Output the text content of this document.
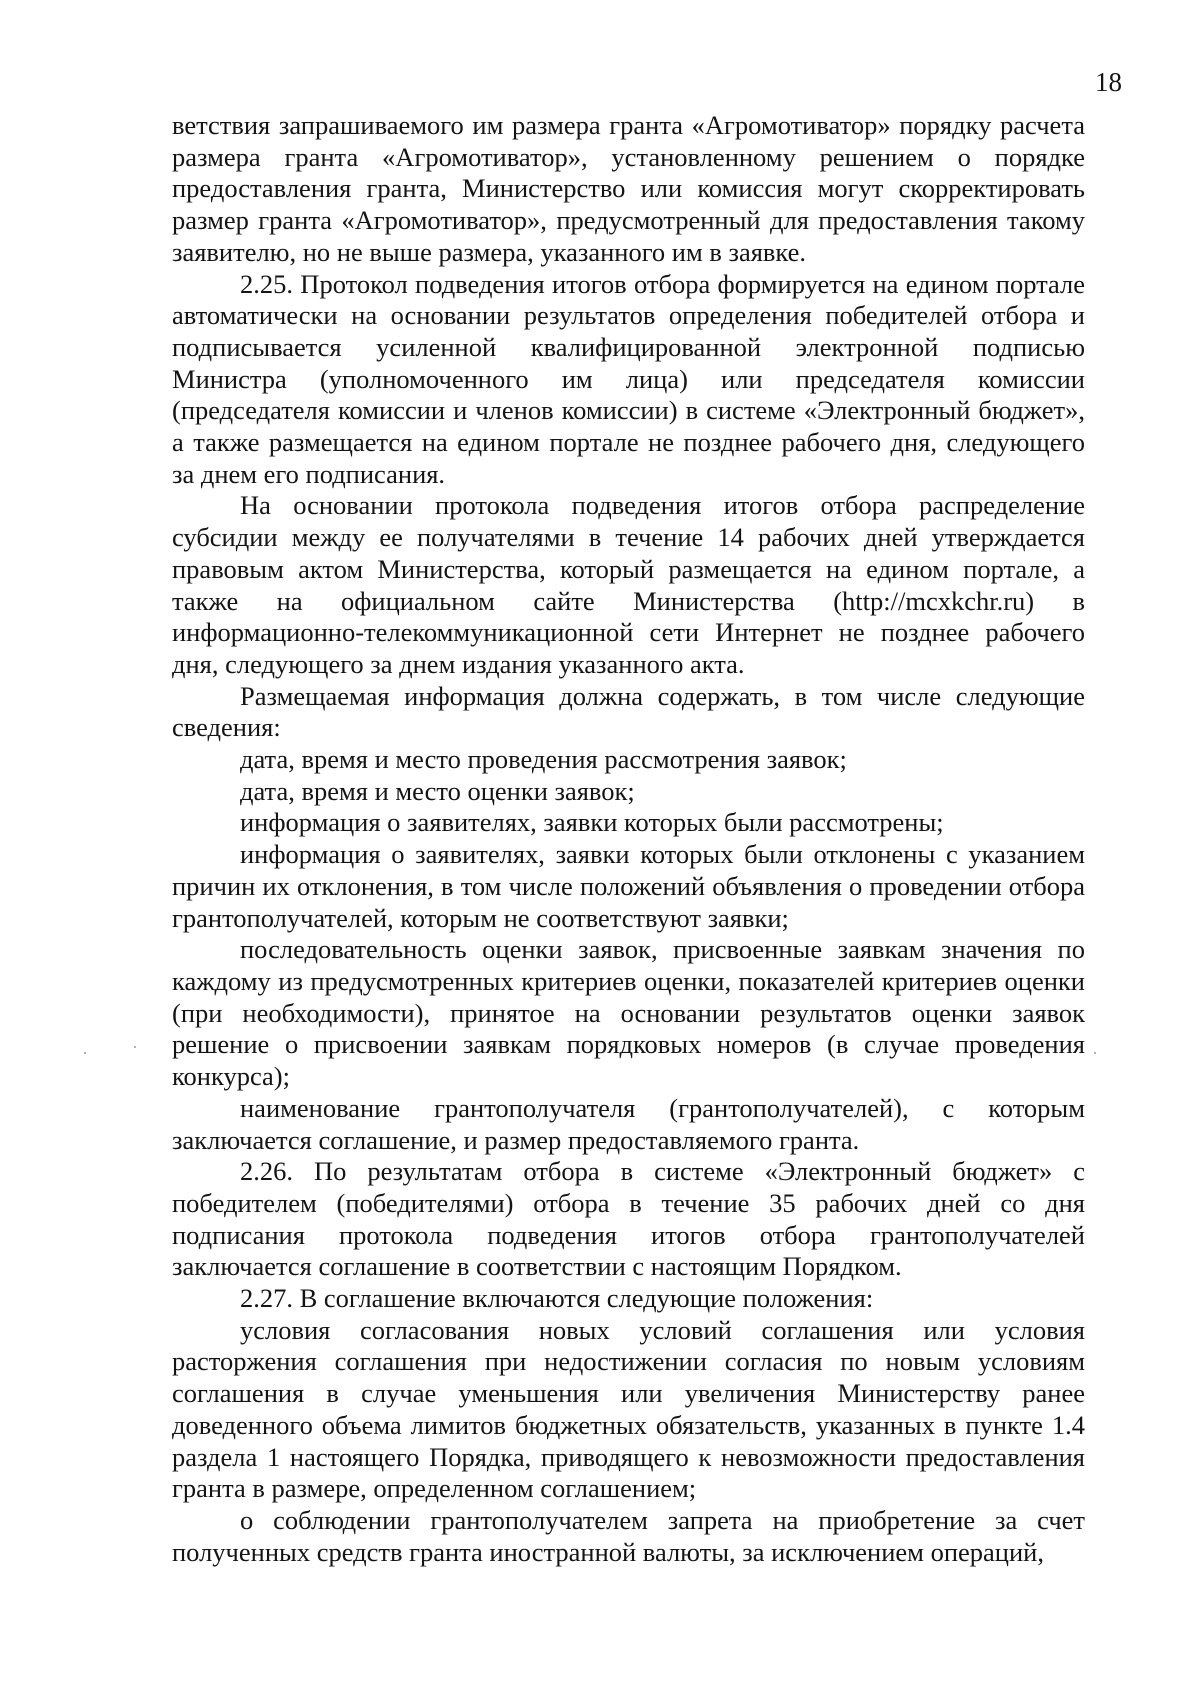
18

ветствия запрашиваемого им размера гранта «Агромотиватор» порядку расчета размера гранта «Агромотиватор», установленному решением о порядке предоставления гранта, Министерство или комиссия могут скорректировать размер гранта «Агромотиватор», предусмотренный для предоставления такому заявителю, но не выше размера, указанного им в заявке.

2.25. Протокол подведения итогов отбора формируется на едином портале автоматически на основании результатов определения победителей отбора и подписывается усиленной квалифицированной электронной подписью Министра (уполномоченного им лица) или председателя комиссии (председателя комиссии и членов комиссии) в системе «Электронный бюджет», а также размещается на едином портале не позднее рабочего дня, следующего за днем его подписания.

На основании протокола подведения итогов отбора распределение субсидии между ее получателями в течение 14 рабочих дней утверждается правовым актом Министерства, который размещается на едином портале, а также на официальном сайте Министерства (http://mcxkchr.ru) в информационно-телекоммуникационной сети Интернет не позднее рабочего дня, следующего за днем издания указанного акта.

Размещаемая информация должна содержать, в том числе следующие сведения:

дата, время и место проведения рассмотрения заявок;

дата, время и место оценки заявок;

информация о заявителях, заявки которых были рассмотрены;

информация о заявителях, заявки которых были отклонены с указанием причин их отклонения, в том числе положений объявления о проведении отбора грантополучателей, которым не соответствуют заявки;

последовательность оценки заявок, присвоенные заявкам значения по каждому из предусмотренных критериев оценки, показателей критериев оценки (при необходимости), принятое на основании результатов оценки заявок решение о присвоении заявкам порядковых номеров (в случае проведения конкурса);

наименование грантополучателя (грантополучателей), с которым заключается соглашение, и размер предоставляемого гранта.

2.26. По результатам отбора в системе «Электронный бюджет» с победителем (победителями) отбора в течение 35 рабочих дней со дня подписания протокола подведения итогов отбора грантополучателей заключается соглашение в соответствии с настоящим Порядком.

2.27. В соглашение включаются следующие положения:

условия согласования новых условий соглашения или условия расторжения соглашения при недостижении согласия по новым условиям соглашения в случае уменьшения или увеличения Министерству ранее доведенного объема лимитов бюджетных обязательств, указанных в пункте 1.4 раздела 1 настоящего Порядка, приводящего к невозможности предоставления гранта в размере, определенном соглашением;

о соблюдении грантополучателем запрета на приобретение за счет полученных средств гранта иностранной валюты, за исключением операций,
